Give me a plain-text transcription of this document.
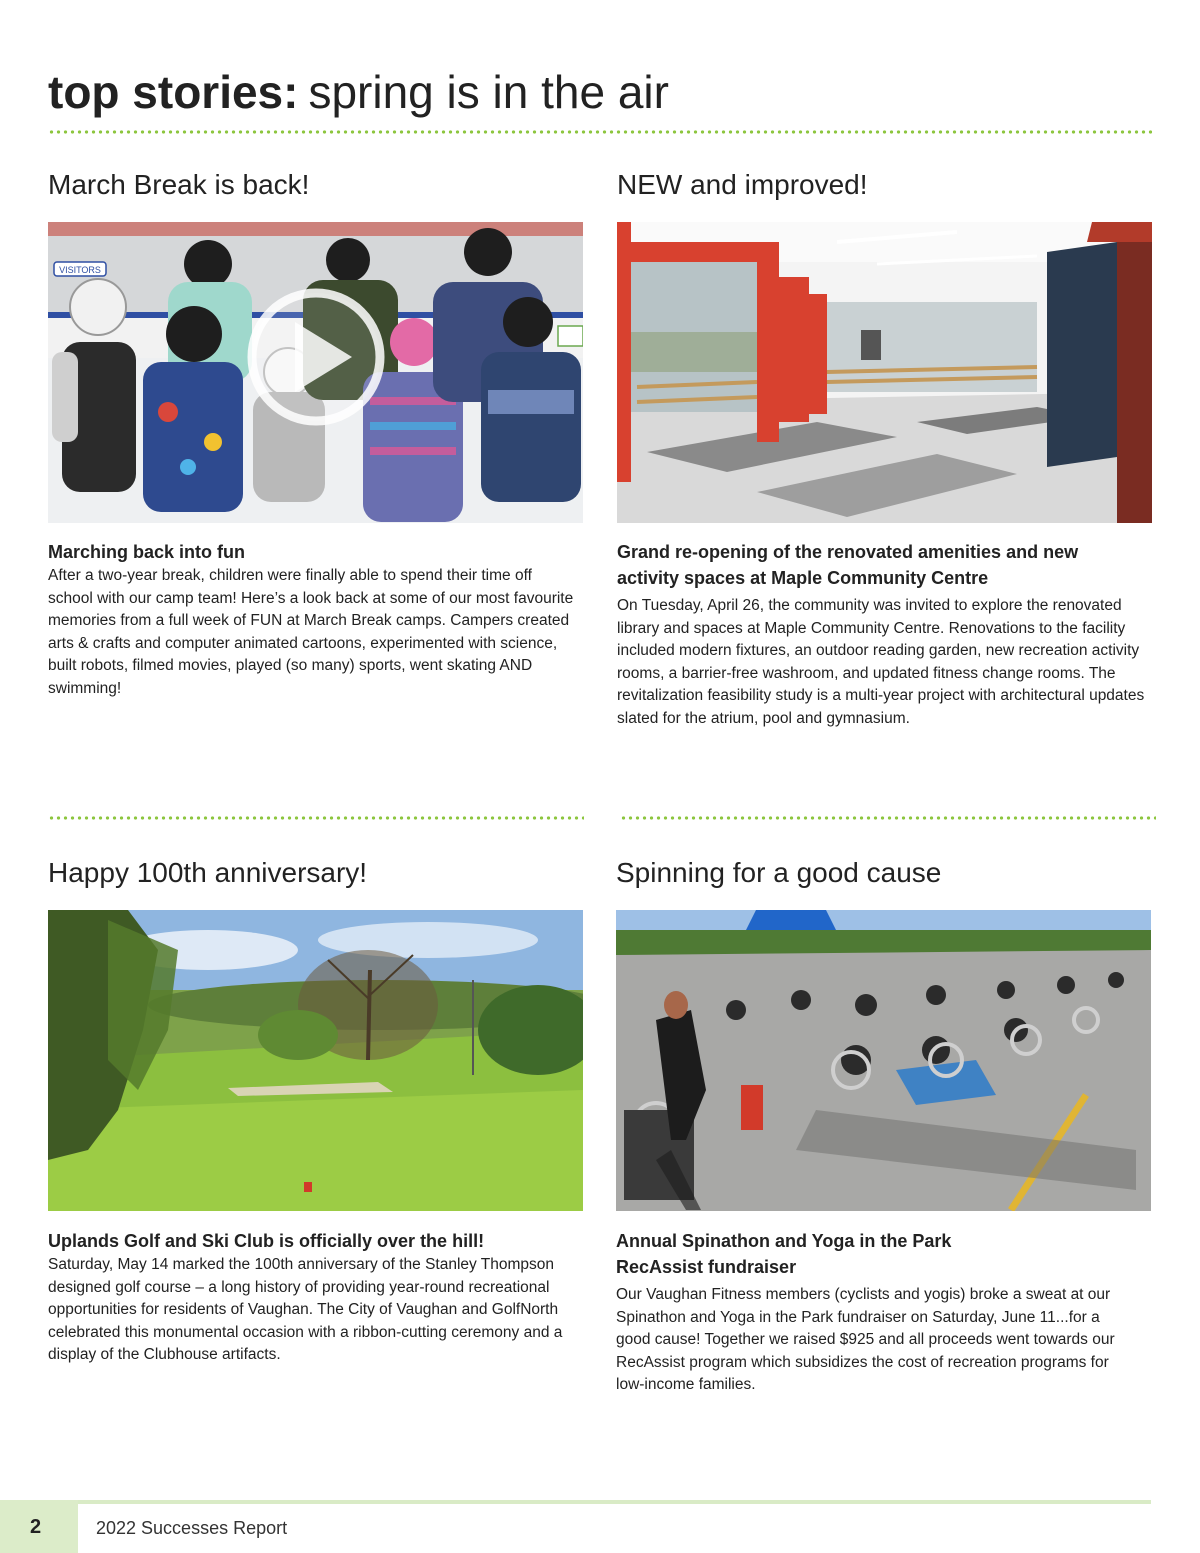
top stories: spring is in the air
March Break is back!
VISITORS
Marching back into fun

After a two-year break, children were finally able to spend their time off school with our camp team! Here’s a look back at some of our most favourite memories from a full week of FUN at March Break camps. Campers created arts & crafts and computer animated cartoons, experimented with science, built robots, filmed movies, played (so many) sports, went skating AND swimming!

NEW and improved!
Grand re-opening of the renovated amenities and new activity spaces at Maple Community Centre

On Tuesday, April 26, the community was invited to explore the renovated library and spaces at Maple Community Centre. Renovations to the facility included modern fixtures, an outdoor reading garden, new recreation activity rooms, a barrier-free washroom, and updated fitness change rooms. The revitalization feasibility study is a multi-year project with architectural updates slated for the atrium, pool and gymnasium.

Happy 100th anniversary!
Uplands Golf and Ski Club is officially over the hill!

Saturday, May 14 marked the 100th anniversary of the Stanley Thompson designed golf course – a long history of providing year-round recreational opportunities for residents of Vaughan. The City of Vaughan and GolfNorth celebrated this monumental occasion with a ribbon-cutting ceremony and a display of the Clubhouse artifacts.

Spinning for a good cause
Annual Spinathon and Yoga in the Park RecAssist fundraiser

Our Vaughan Fitness members (cyclists and yogis) broke a sweat at our Spinathon and Yoga in the Park fundraiser on Saturday, June 11...for a good cause! Together we raised $925 and all proceeds went towards our RecAssist program which subsidizes the cost of recreation programs for low-income families.

2	2022 Successes Report
